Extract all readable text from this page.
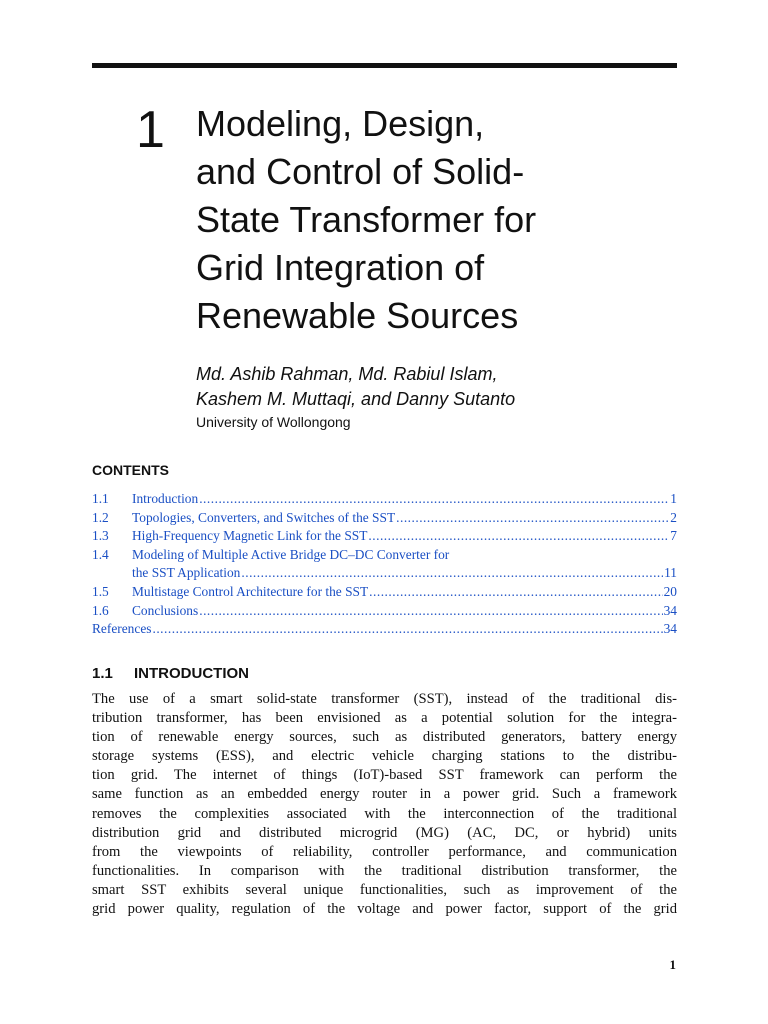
1 Modeling, Design,
and Control of Solid-
State Transformer for
Grid Integration of
Renewable Sources
Md. Ashib Rahman, Md. Rabiul Islam,
Kashem M. Muttaqi, and Danny Sutanto
University of Wollongong
CONTENTS
1.1	Introduction .....	1
1.2	Topologies, Converters, and Switches of the SST .....	2
1.3	High-Frequency Magnetic Link for the SST .....	7
1.4	Modeling of Multiple Active Bridge DC–DC Converter for
the SST Application .....	11
1.5	Multistage Control Architecture for the SST .....	20
1.6	Conclusions .....	34
References .....	34
1.1 INTRODUCTION
The use of a smart solid-state transformer (SST), instead of the traditional dis-
tribution transformer, has been envisioned as a potential solution for the integra-
tion of renewable energy sources, such as distributed generators, battery energy
storage systems (ESS), and electric vehicle charging stations to the distribu-
tion grid. The internet of things (IoT)-based SST framework can perform the
same function as an embedded energy router in a power grid. Such a framework
removes the complexities associated with the interconnection of the traditional
distribution grid and distributed microgrid (MG) (AC, DC, or hybrid) units
from the viewpoints of reliability, controller performance, and communication
functionalities. In comparison with the traditional distribution transformer, the
smart SST exhibits several unique functionalities, such as improvement of the
grid power quality, regulation of the voltage and power factor, support of the grid
1
